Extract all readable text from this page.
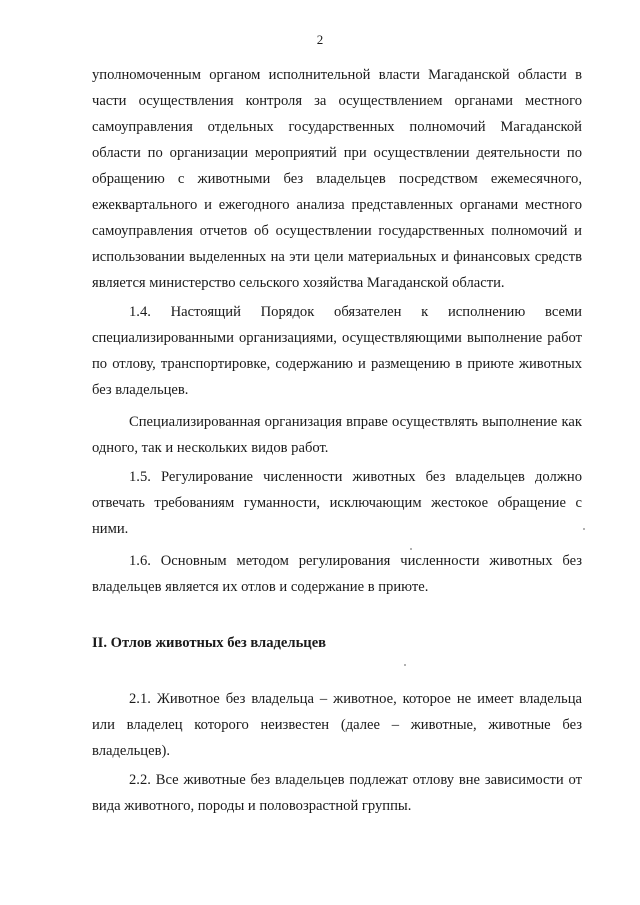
2

уполномоченным органом исполнительной власти Магаданской области в части осуществления контроля за осуществлением органами местного самоуправления отдельных государственных полномочий Магаданской области по организации мероприятий при осуществлении деятельности по обращению с животными без владельцев посредством ежемесячного, ежеквартального и ежегодного анализа представленных органами местного самоуправления отчетов об осуществлении государственных полномочий и использовании выделенных на эти цели материальных и финансовых средств является министерство сельского хозяйства Магаданской области.

1.4. Настоящий Порядок обязателен к исполнению всеми специализированными организациями, осуществляющими выполнение работ по отлову, транспортировке, содержанию и размещению в приюте животных без владельцев.

Специализированная организация вправе осуществлять выполнение как одного, так и нескольких видов работ.

1.5. Регулирование численности животных без владельцев должно отвечать требованиям гуманности, исключающим жестокое обращение с ними.

1.6. Основным методом регулирования численности животных без владельцев является их отлов и содержание в приюте.

II. Отлов животных без владельцев

2.1. Животное без владельца – животное, которое не имеет владельца или владелец которого неизвестен (далее – животные, животные без владельцев).

2.2. Все животные без владельцев подлежат отлову вне зависимости от вида животного, породы и половозрастной группы.
